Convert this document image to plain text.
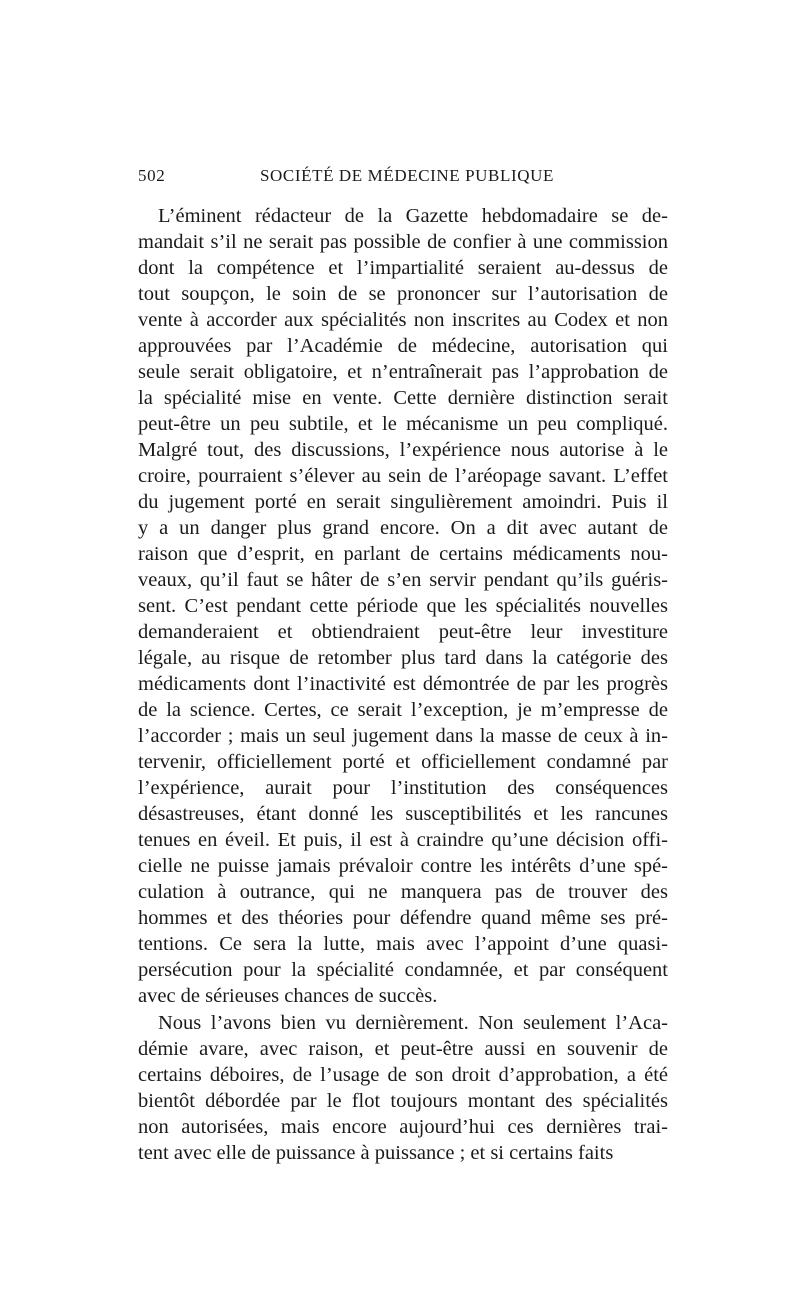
502	SOCIÉTÉ DE MÉDECINE PUBLIQUE

L’éminent rédacteur de la Gazette hebdomadaire se de-
mandait s’il ne serait pas possible de confier à une commission
dont la compétence et l’impartialité seraient au-dessus de
tout soupçon, le soin de se prononcer sur l’autorisation de
vente à accorder aux spécialités non inscrites au Codex et non
approuvées par l’Académie de médecine, autorisation qui
seule serait obligatoire, et n’entraînerait pas l’approbation de
la spécialité mise en vente. Cette dernière distinction serait
peut-être un peu subtile, et le mécanisme un peu compliqué.
Malgré tout, des discussions, l’expérience nous autorise à le
croire, pourraient s’élever au sein de l’aréopage savant. L’effet
du jugement porté en serait singulièrement amoindri. Puis il
y a un danger plus grand encore. On a dit avec autant de
raison que d’esprit, en parlant de certains médicaments nou-
veaux, qu’il faut se hâter de s’en servir pendant qu’ils guéris-
sent. C’est pendant cette période que les spécialités nouvelles
demanderaient et obtiendraient peut-être leur investiture
légale, au risque de retomber plus tard dans la catégorie des
médicaments dont l’inactivité est démontrée de par les progrès
de la science. Certes, ce serait l’exception, je m’empresse de
l’accorder ; mais un seul jugement dans la masse de ceux à in-
tervenir, officiellement porté et officiellement condamné par
l’expérience, aurait pour l’institution des conséquences
désastreuses, étant donné les susceptibilités et les rancunes
tenues en éveil. Et puis, il est à craindre qu’une décision offi-
cielle ne puisse jamais prévaloir contre les intérêts d’une spé-
culation à outrance, qui ne manquera pas de trouver des
hommes et des théories pour défendre quand même ses pré-
tentions. Ce sera la lutte, mais avec l’appoint d’une quasi-
persécution pour la spécialité condamnée, et par conséquent
avec de sérieuses chances de succès.

Nous l’avons bien vu dernièrement. Non seulement l’Aca-
démie avare, avec raison, et peut-être aussi en souvenir de
certains déboires, de l’usage de son droit d’approbation, a été
bientôt débordée par le flot toujours montant des spécialités
non autorisées, mais encore aujourd’hui ces dernières trai-
tent avec elle de puissance à puissance ; et si certains faits
